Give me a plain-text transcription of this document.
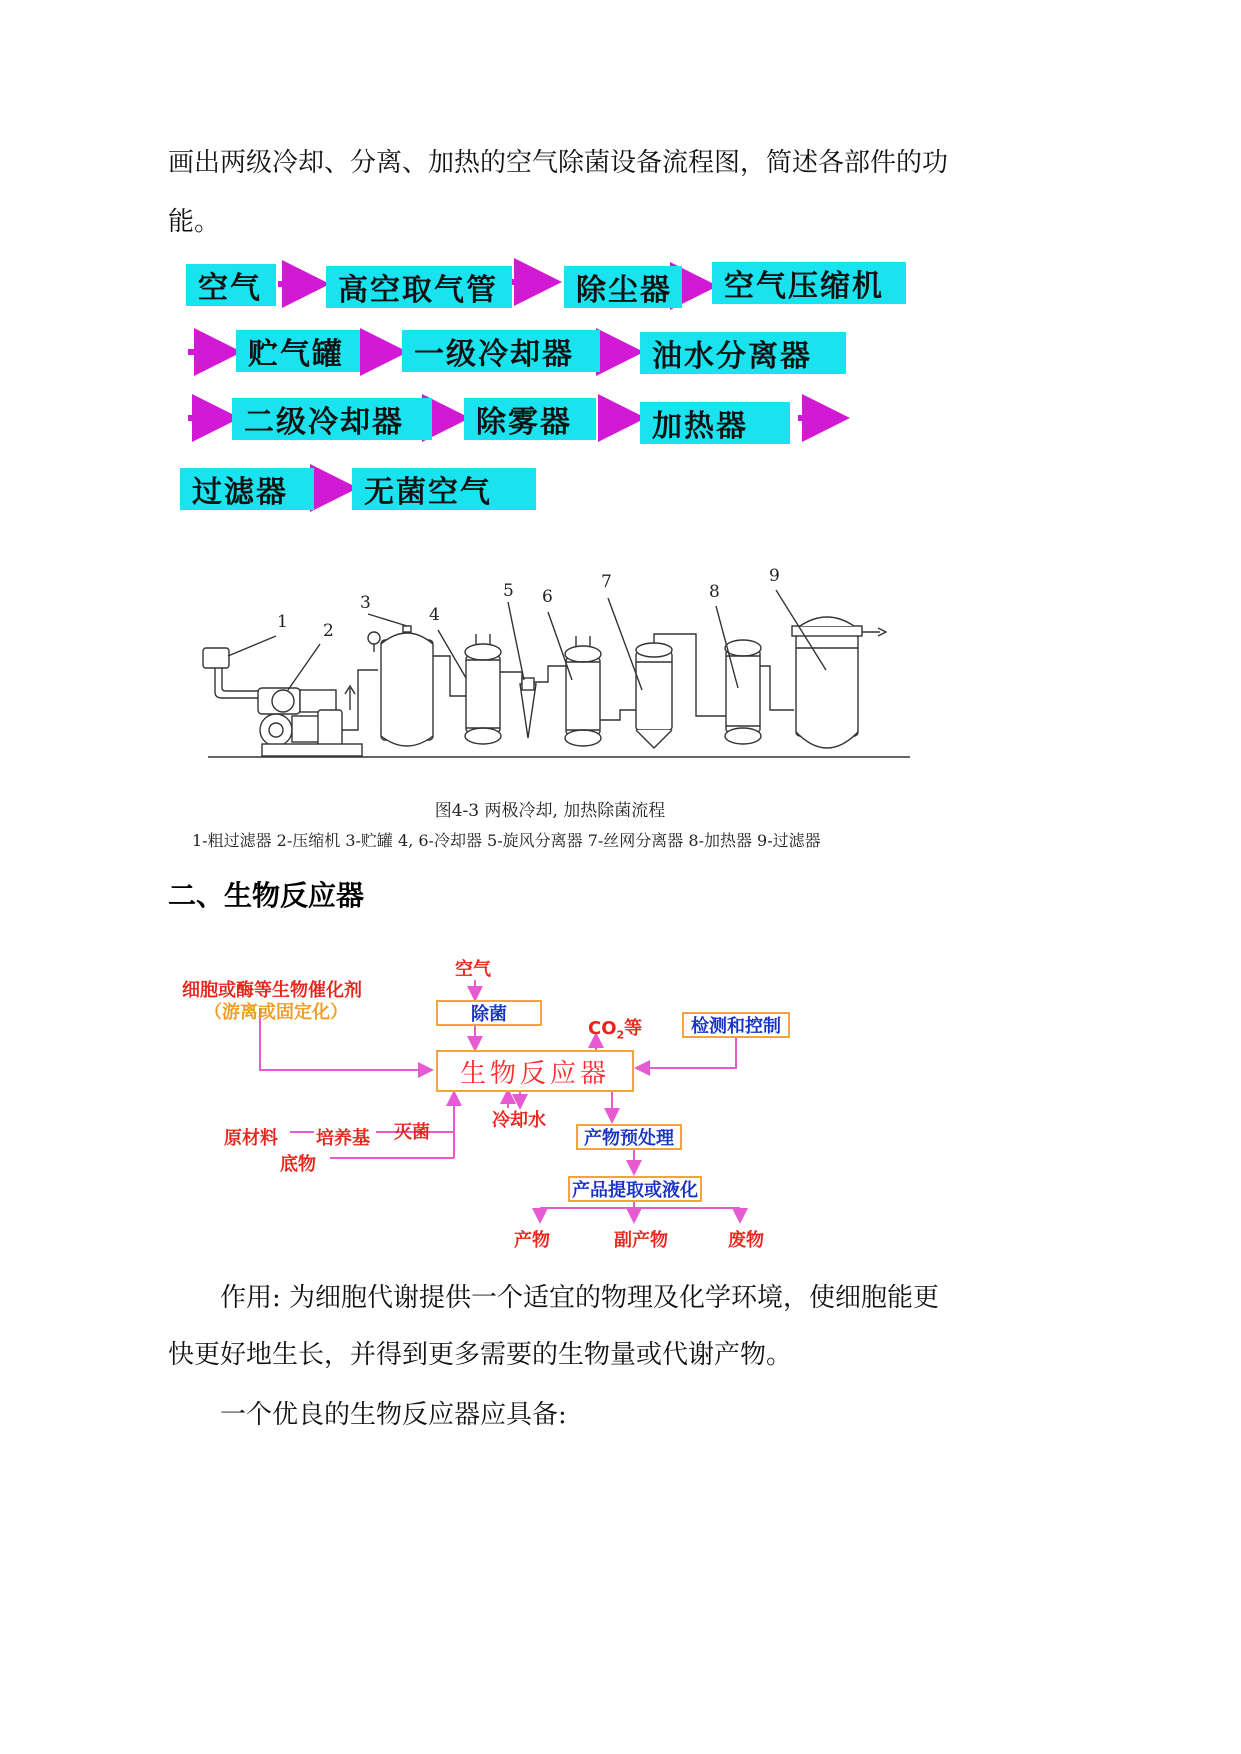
画出两级冷却、分离、加热的空气除菌设备流程图，简述各部件的功
能。
空气	高空取气管	除尘器	空气压缩机
贮气罐	一级冷却器	油水分离器
二级冷却器	除雾器	加热器
过滤器	无菌空气
1 2
3
4
5 6
7	8
9
图4-3 两极冷却, 加热除菌流程
1-粗过滤器 2-压缩机 3-贮罐 4, 6-冷却器 5-旋风分离器 7-丝网分离器 8-加热器 9-过滤器
二、生物反应器
细胞或酶等生物催化剂
（游离或固定化）
空气
除菌
$CO_2$等	检测和控制
生物反应器
冷却水
灭菌
原材料 培养基
底物
产物预处理
产品提取或液化
产物	副产物	废物
作用: 为细胞代谢提供一个适宜的物理及化学环境，使细胞能更
快更好地生长，并得到更多需要的生物量或代谢产物。
一个优良的生物反应器应具备:
